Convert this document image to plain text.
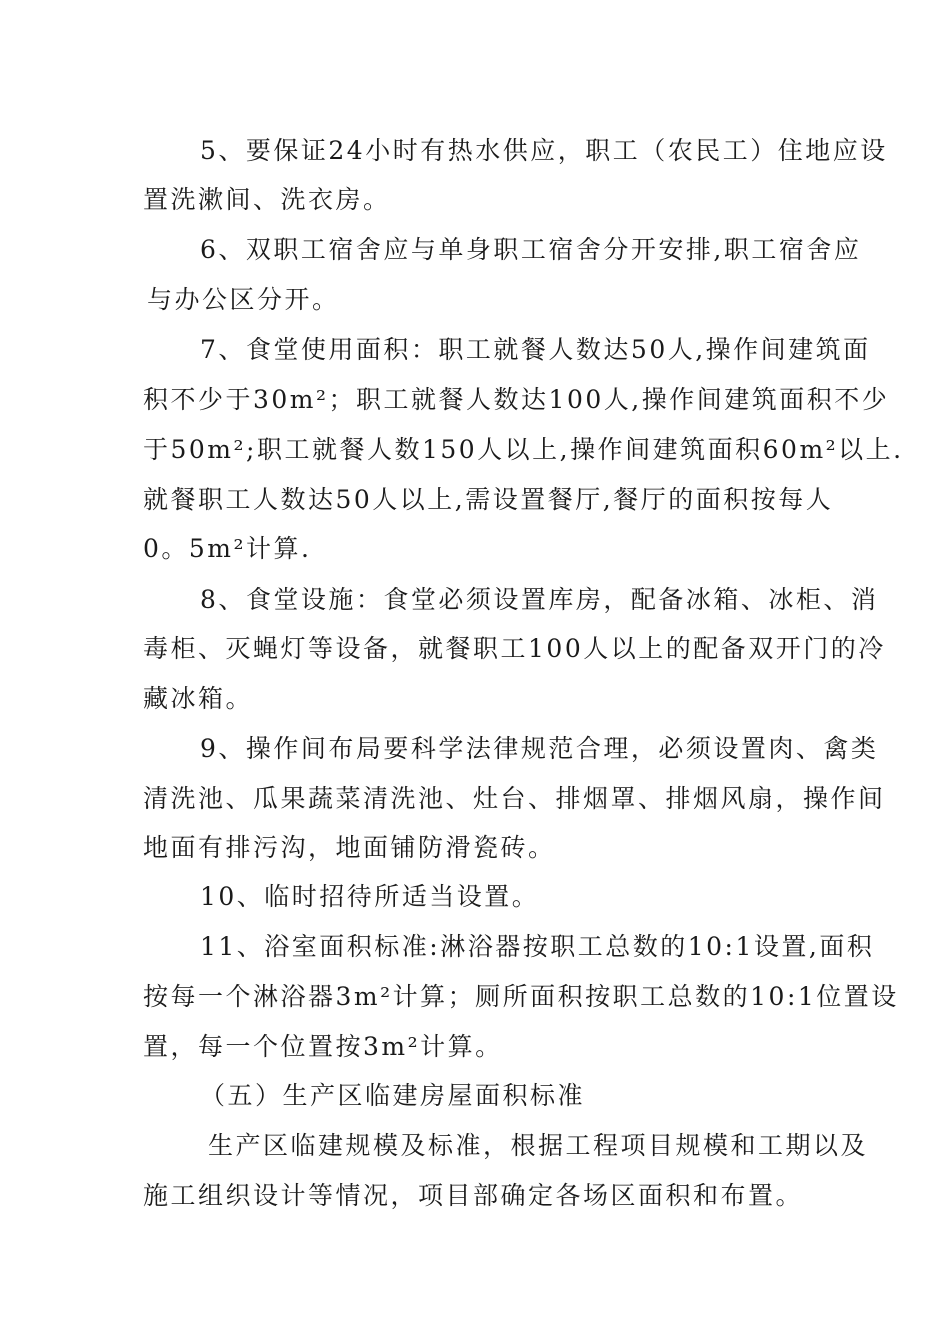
5、要保证24小时有热水供应，职工（农民工）住地应设
置洗漱间、洗衣房。
6、双职工宿舍应与单身职工宿舍分开安排,职工宿舍应
与办公区分开。
7、食堂使用面积：职工就餐人数达50人,操作间建筑面
积不少于30m²；职工就餐人数达100人,操作间建筑面积不少
于50m²;职工就餐人数150人以上,操作间建筑面积60m²以上.
就餐职工人数达50人以上,需设置餐厅,餐厅的面积按每人
0。5m²计算.
8、食堂设施：食堂必须设置库房，配备冰箱、冰柜、消
毒柜、灭蝇灯等设备，就餐职工100人以上的配备双开门的冷
藏冰箱。
9、操作间布局要科学法律规范合理，必须设置肉、禽类
清洗池、瓜果蔬菜清洗池、灶台、排烟罩、排烟风扇，操作间
地面有排污沟，地面铺防滑瓷砖。
10、临时招待所适当设置。
11、浴室面积标准:淋浴器按职工总数的10:1设置,面积
按每一个淋浴器3m²计算；厕所面积按职工总数的10:1位置设
置，每一个位置按3m²计算。
（五）生产区临建房屋面积标准
生产区临建规模及标准，根据工程项目规模和工期以及
施工组织设计等情况，项目部确定各场区面积和布置。
